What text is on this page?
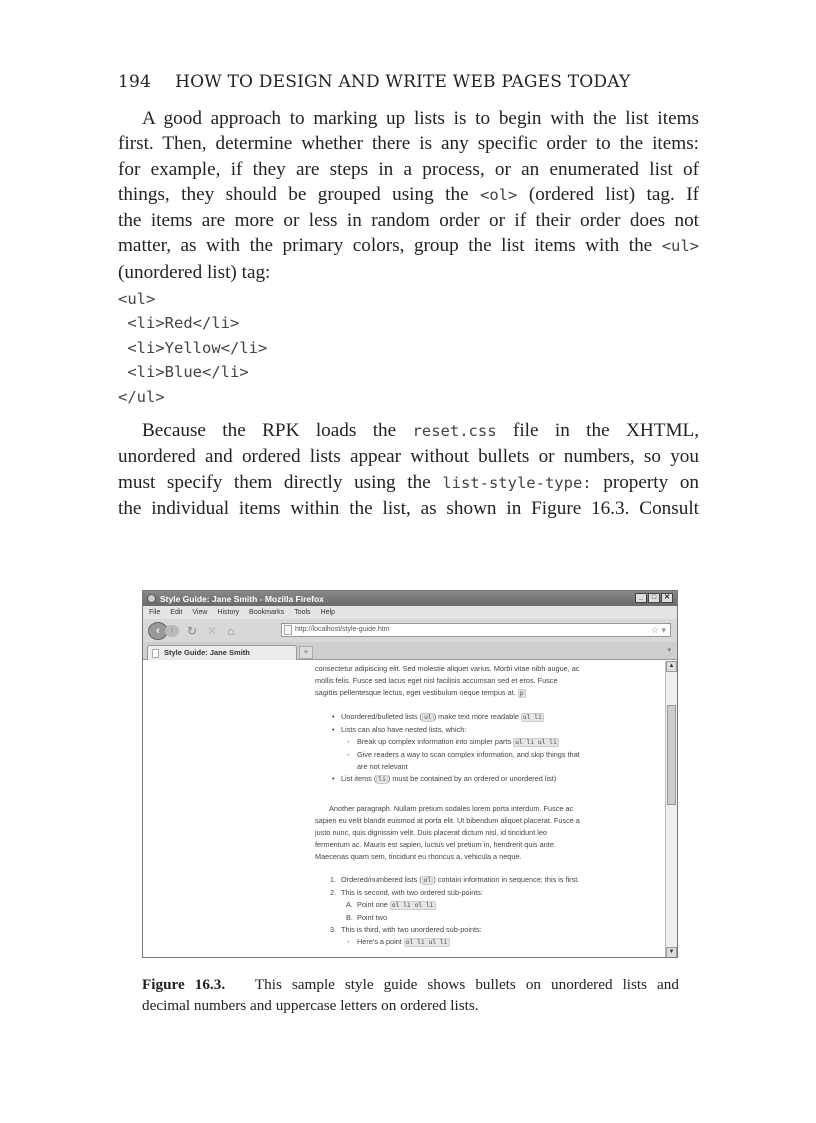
194 HOW TO DESIGN AND WRITE WEB PAGES TODAY
A good approach to marking up lists is to begin with the list items
first. Then, determine whether there is any specific order to the items:
for example, if they are steps in a process, or an enumerated list of
things, they should be grouped using the <ol> (ordered list) tag. If
the items are more or less in random order or if their order does not
matter, as with the primary colors, group the list items with the <ul>
(unordered list) tag:
<ul>
<li>Red</li>
<li>Yellow</li>
<li>Blue</li>
</ul>
Because the RPK loads the reset.css file in the XHTML,
unordered and ordered lists appear without bullets or numbers, so you
must specify them directly using the list-style-type: property on
the individual items within the list, as shown in Figure 16.3. Consult
Style Guide: Jane Smith - Mozilla Firefox	_	□	✕
File Edit View History Bookmarks Tools Help
‹	›	↻ ✕ ⌂	http://localhost/style-guide.htm	☆ ▾
Style Guide: Jane Smith	+	▾
consectetur adipiscing elit. Sed molestie aliquet varius. Morbi vitae nibh augue, ac
mollis felis. Fusce sed lacus eget nisl facilisis accumsan sed et eros. Fusce
sagittis pellentesque lectus, eget vestibulum neque tempus at. p
• Unordered/bulleted lists ( ul ) make text more readable ul li
• Lists can also have nested lists, which:
◦ Break up complex information into simpler parts ul li ul li
◦ Give readers a way to scan complex information, and skip things that
are not relevant
• List items ( li ) must be contained by an ordered or unordered list)
Another paragraph. Nullam pretium sodales lorem porta interdum. Fusce ac
sapien eu velit blandit euismod at porta elit. Ut bibendum aliquet placerat. Fusce a
justo nunc, quis dignissim velit. Duis placerat dictum nisl, id tincidunt leo
fermentum ac. Mauris est sapien, luctus vel pretium in, hendrerit quis ante.
Maecenas quam sem, tincidunt eu rhoncus a, vehicula a neque.
1. Ordered/numbered lists ( ol ) contain information in sequence; this is first.
2. This is second, with two ordered sub-points:
A. Point one ol li ol li
B. Point two
3. This is third, with two unordered sub-points:
◦ Here's a point ol li ul li
▲
▼
Figure 16.3. This sample style guide shows bullets on unordered lists and
decimal numbers and uppercase letters on ordered lists.
